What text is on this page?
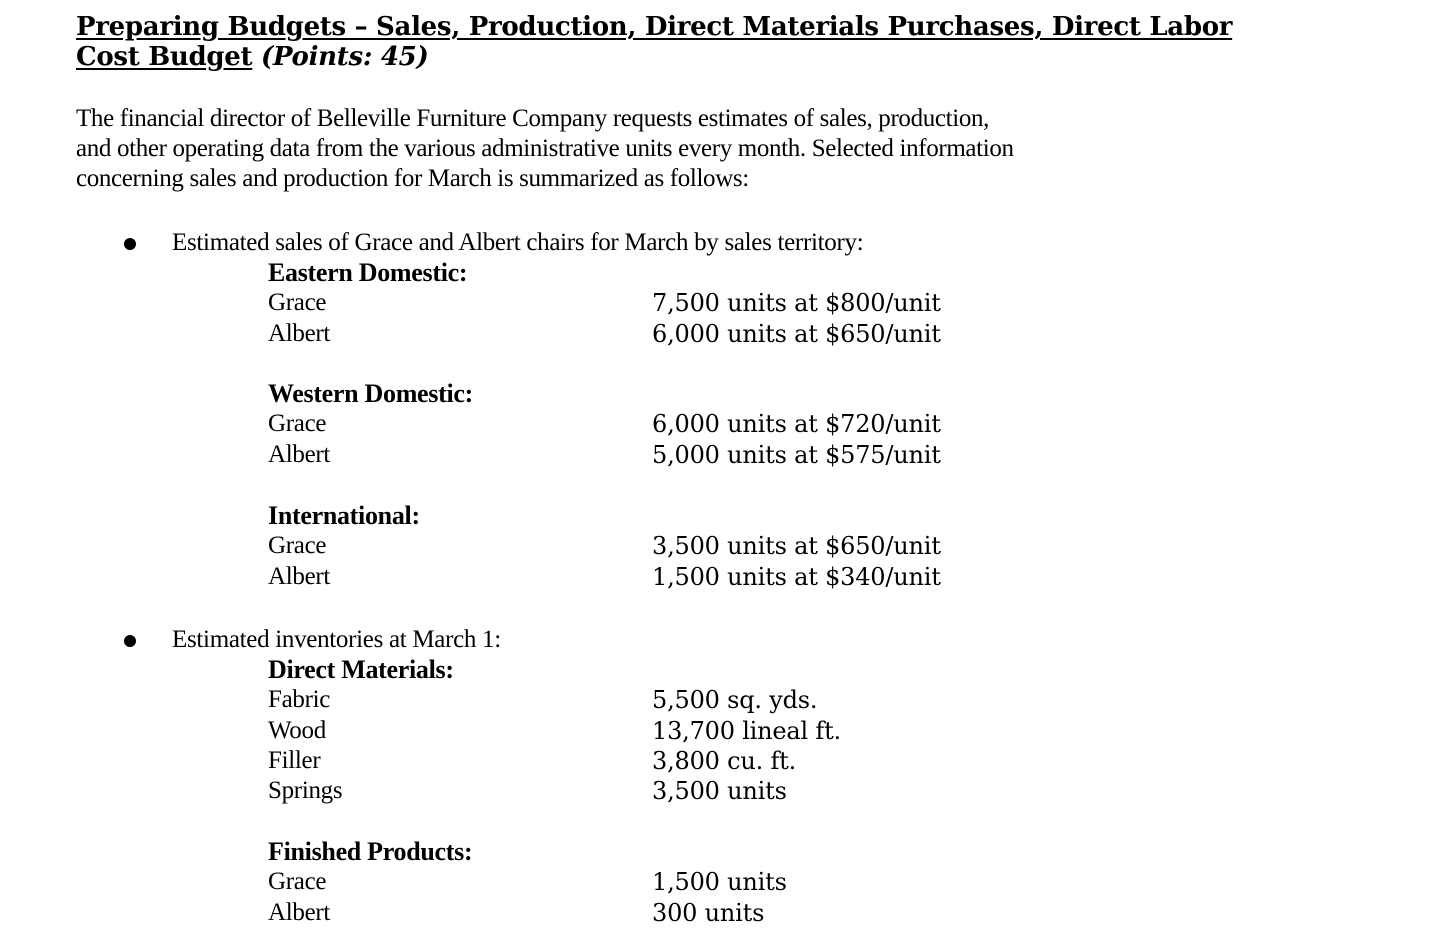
Preparing Budgets – Sales, Production, Direct Materials Purchases, Direct Labor
Cost Budget (Points: 45)
The financial director of Belleville Furniture Company requests estimates of sales, production,
and other operating data from the various administrative units every month. Selected information
concerning sales and production for March is summarized as follows:
Estimated sales of Grace and Albert chairs for March by sales territory:
Eastern Domestic:
Grace	7,500 units at $800/unit
Albert	6,000 units at $650/unit
Western Domestic:
Grace	6,000 units at $720/unit
Albert	5,000 units at $575/unit
International:
Grace	3,500 units at $650/unit
Albert	1,500 units at $340/unit
Estimated inventories at March 1:
Direct Materials:
Fabric	5,500 sq. yds.
Wood	13,700 lineal ft.
Filler	3,800 cu. ft.
Springs	3,500 units
Finished Products:
Grace	1,500 units
Albert	300 units
